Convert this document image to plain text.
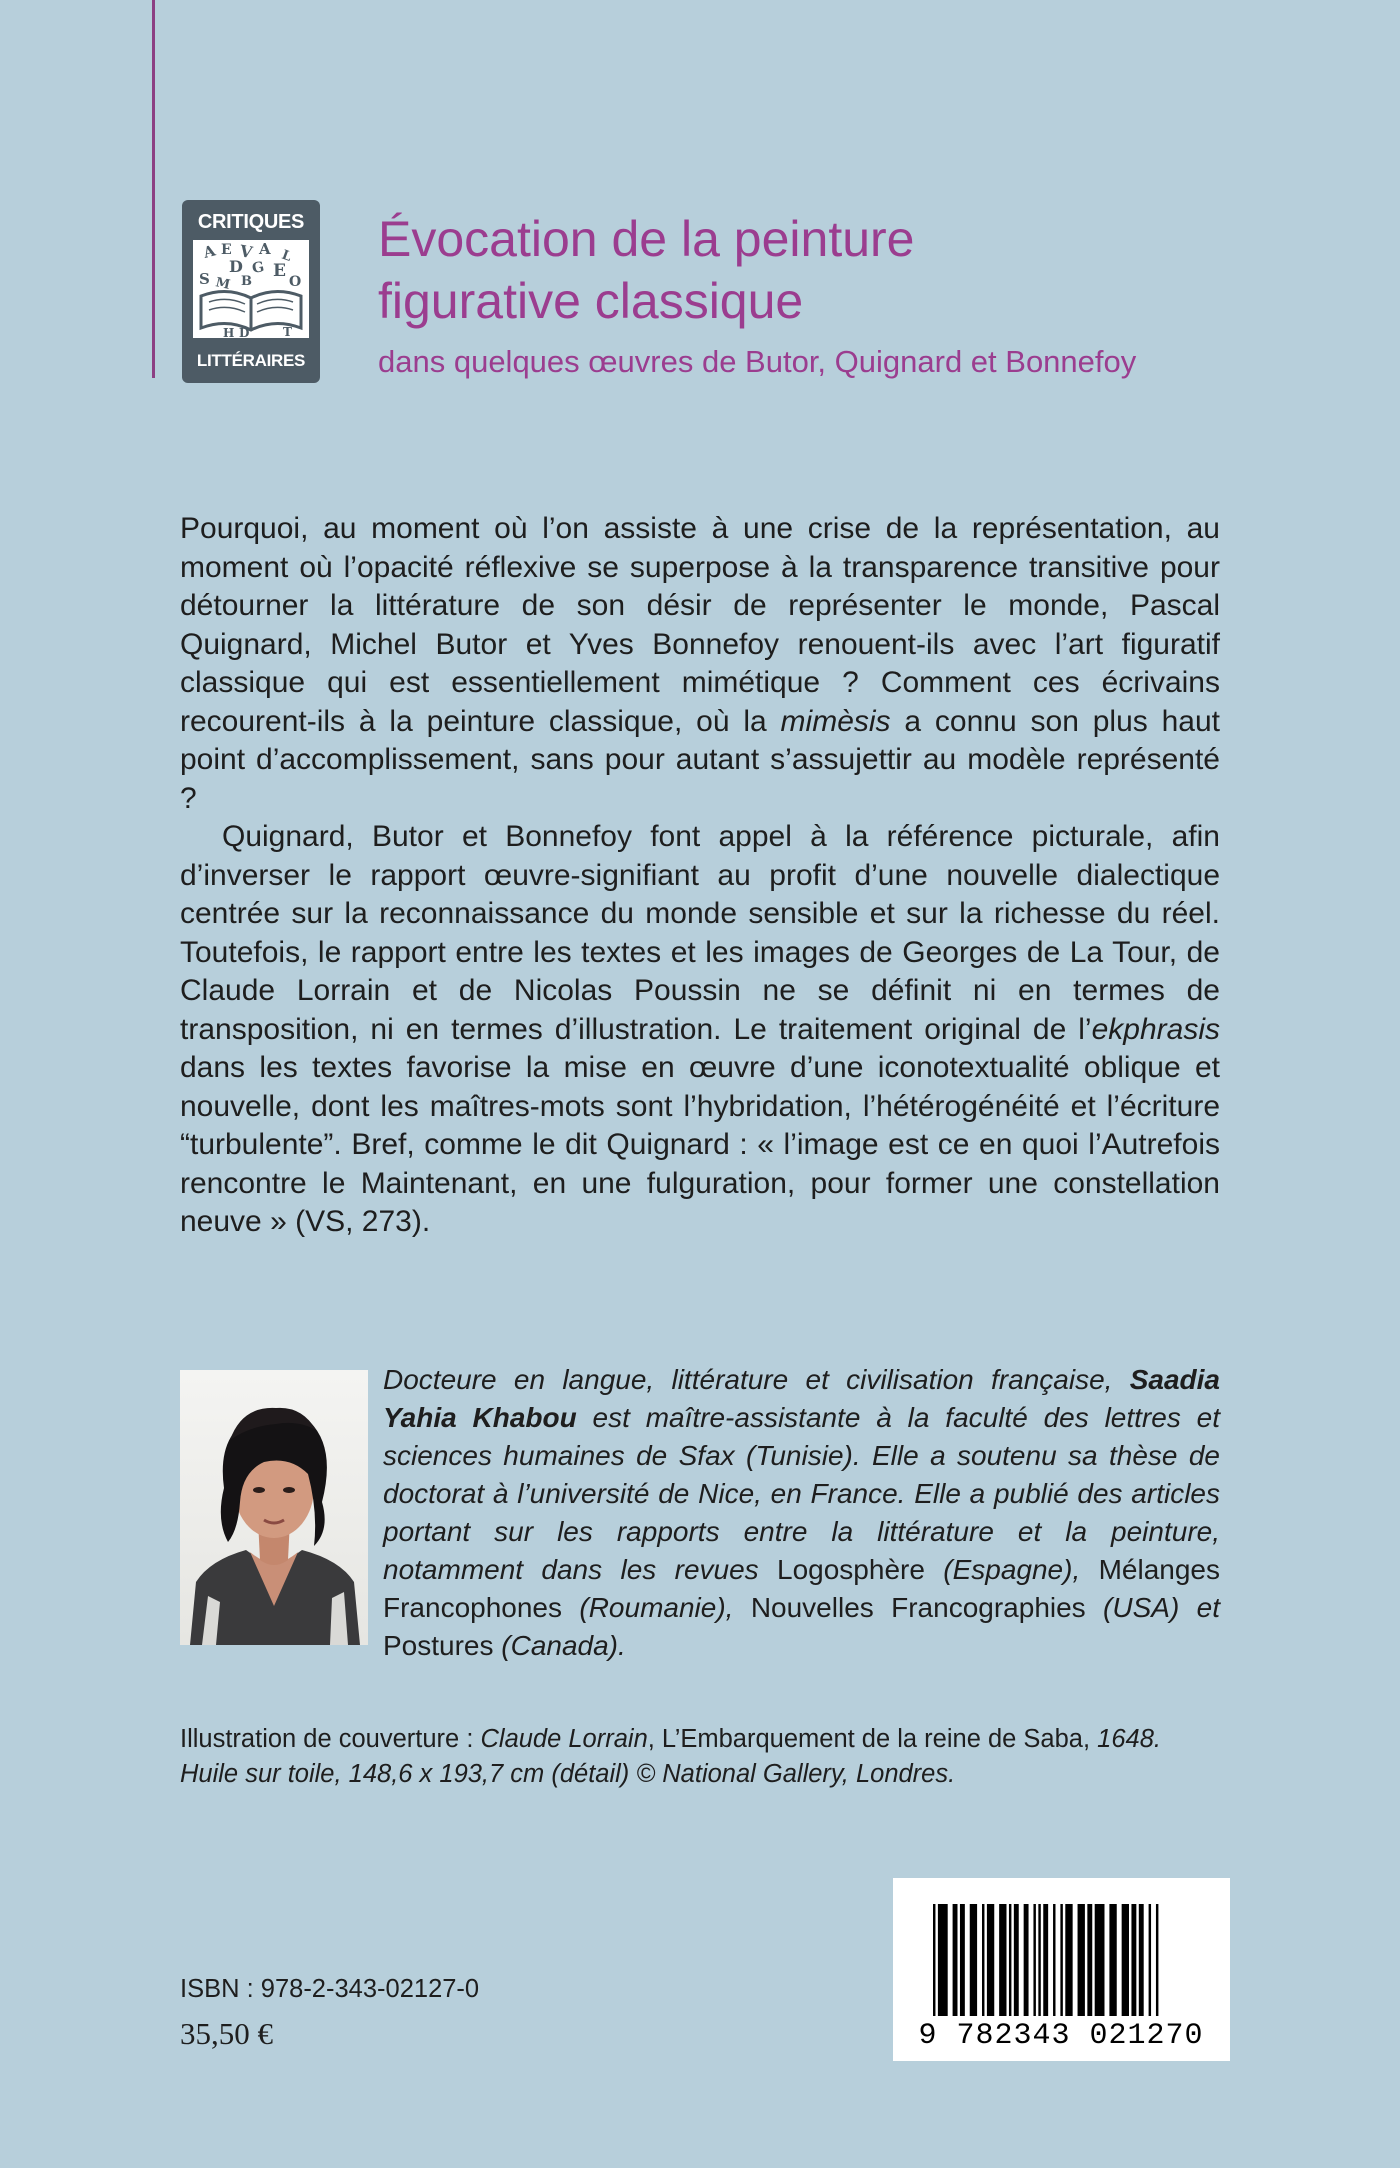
CRITIQUES
A E V A L
D G E
S M B	O
H D	T
LITTÉRAIRES
Évocation de la peinture
figurative classique
dans quelques œuvres de Butor, Quignard et Bonnefoy

Pourquoi, au moment où l’on assiste à une crise de la représentation, au moment où l’opacité réflexive se superpose à la transparence transitive pour détourner la littérature de son désir de représenter le monde, Pascal Quignard, Michel Butor et Yves Bonnefoy renouent-ils avec l’art figuratif classique qui est essentiellement mimétique ? Comment ces écrivains recourent-ils à la peinture classique, où la mimèsis a connu son plus haut point d’accomplissement, sans pour autant s’assujettir au modèle représenté ?

Quignard, Butor et Bonnefoy font appel à la référence picturale, afin d’inverser le rapport œuvre-signifiant au profit d’une nouvelle dialectique centrée sur la reconnaissance du monde sensible et sur la richesse du réel. Toutefois, le rapport entre les textes et les images de Georges de La Tour, de Claude Lorrain et de Nicolas Poussin ne se définit ni en termes de transposition, ni en termes d’illustration. Le traitement original de l’ekphrasis dans les textes favorise la mise en œuvre d’une iconotextualité oblique et nouvelle, dont les maîtres-mots sont l’hybridation, l’hétérogénéité et l’écriture “turbulente”. Bref, comme le dit Quignard : « l’image est ce en quoi l’Autrefois rencontre le Maintenant, en une fulguration, pour former une constellation neuve » (VS, 273).

Docteure en langue, littérature et civilisation française, Saadia Yahia Khabou est maître-assistante à la faculté des lettres et sciences humaines de Sfax (Tunisie). Elle a soutenu sa thèse de doctorat à l’université de Nice, en France. Elle a publié des articles portant sur les rapports entre la littérature et la peinture, notamment dans les revues Logosphère (Espagne), Mélanges Francophones (Roumanie), Nouvelles Francographies (USA) et Postures (Canada).
Illustration de couverture : Claude Lorrain, L’Embarquement de la reine de Saba, 1648.
Huile sur toile, 148,6 x 193,7 cm (détail) © National Gallery, Londres.
ISBN : 978-2-343-02127-0
35,50 €	9 782343 021270
